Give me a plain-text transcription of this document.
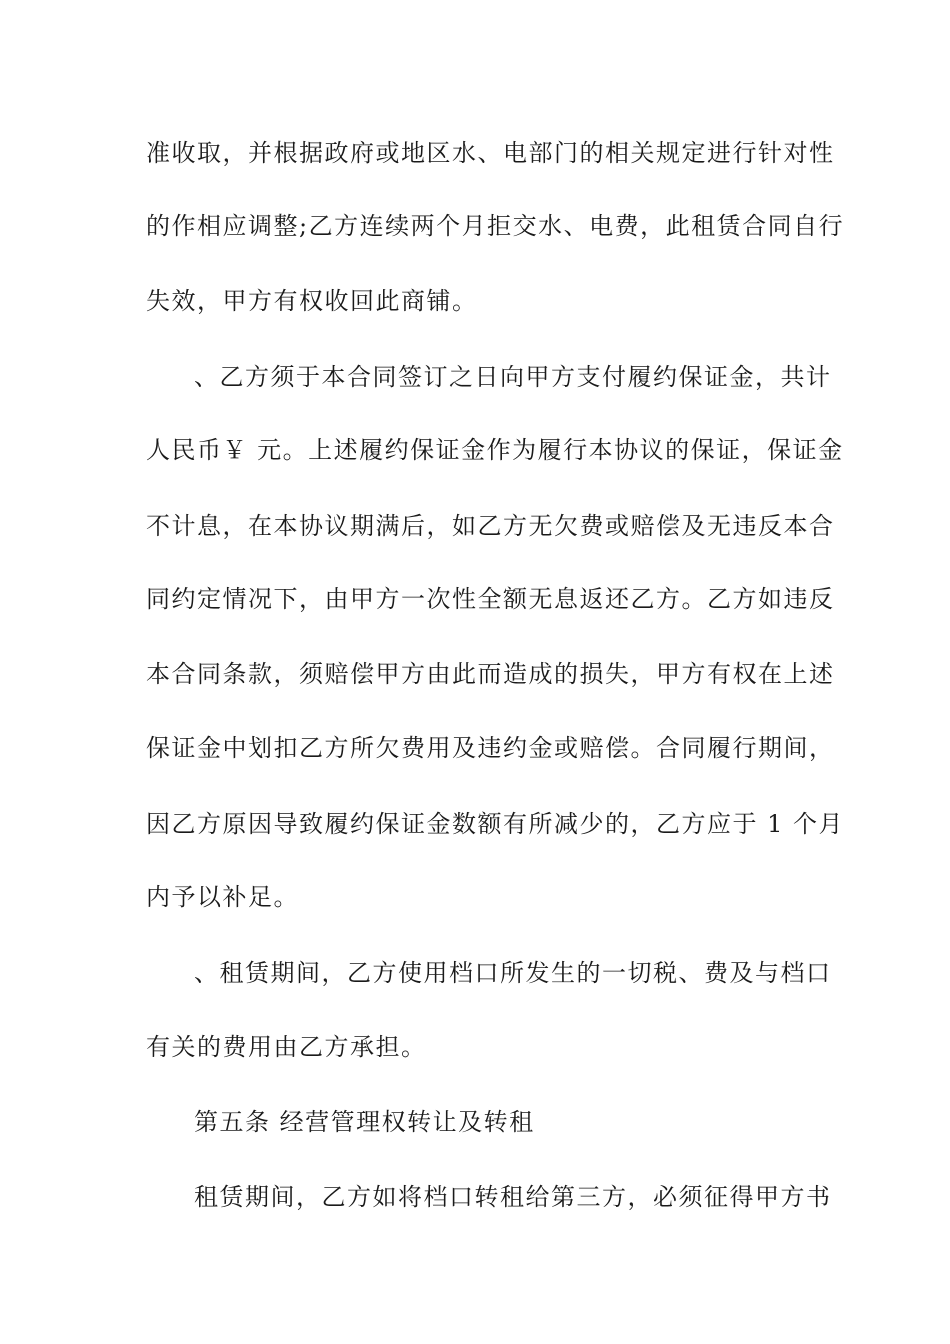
准收取，并根据政府或地区水、电部门的相关规定进行针对性
的作相应调整;乙方连续两个月拒交水、电费，此租赁合同自行
失效，甲方有权收回此商铺。
、乙方须于本合同签订之日向甲方支付履约保证金，共计
人民币￥ 元。上述履约保证金作为履行本协议的保证，保证金
不计息，在本协议期满后，如乙方无欠费或赔偿及无违反本合
同约定情况下，由甲方一次性全额无息返还乙方。乙方如违反
本合同条款，须赔偿甲方由此而造成的损失，甲方有权在上述
保证金中划扣乙方所欠费用及违约金或赔偿。合同履行期间，
因乙方原因导致履约保证金数额有所减少的，乙方应于 1 个月
内予以补足。
、租赁期间，乙方使用档口所发生的一切税、费及与档口
有关的费用由乙方承担。
第五条 经营管理权转让及转租
租赁期间，乙方如将档口转租给第三方，必须征得甲方书
